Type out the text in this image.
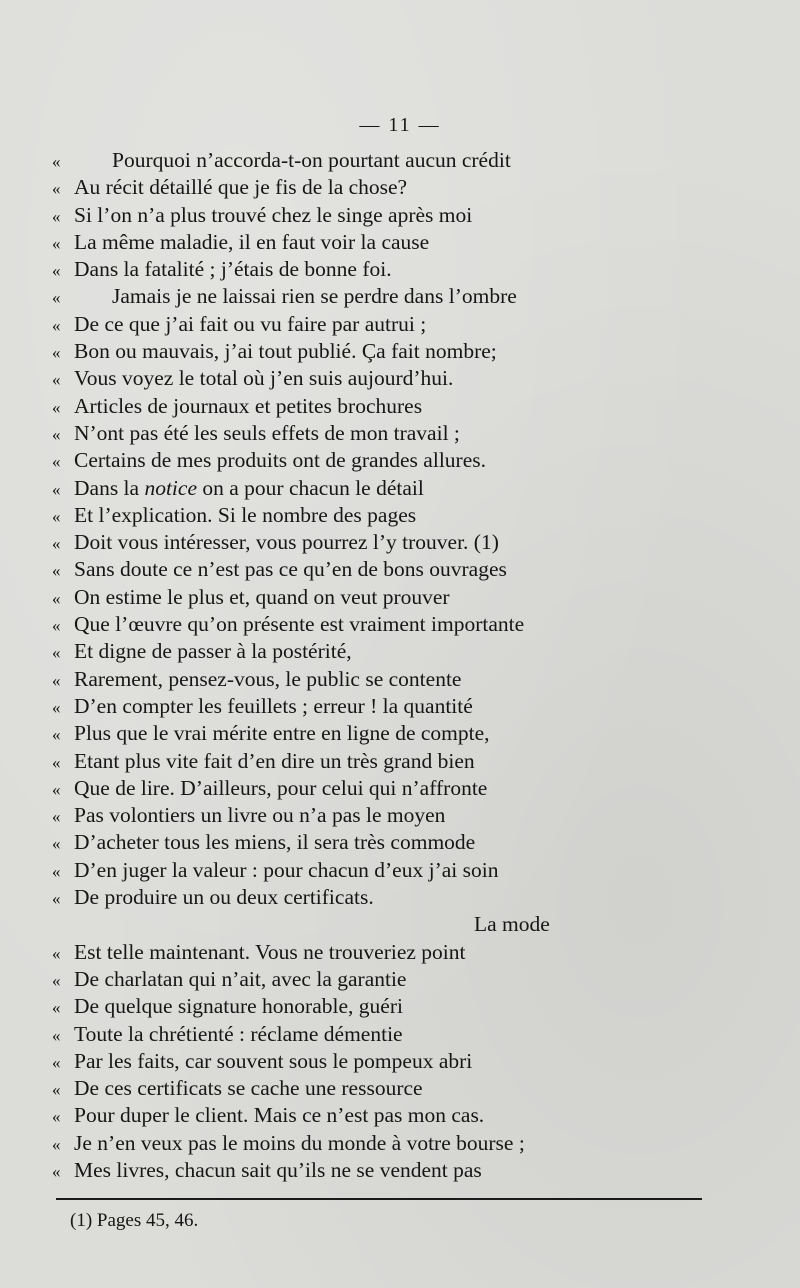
— 11 —
« Pourquoi n’accorda-t-on pourtant aucun crédit
« Au récit détaillé que je fis de la chose?
« Si l’on n’a plus trouvé chez le singe après moi
« La même maladie, il en faut voir la cause
« Dans la fatalité ; j’étais de bonne foi.
« Jamais je ne laissai rien se perdre dans l’ombre
« De ce que j’ai fait ou vu faire par autrui ;
« Bon ou mauvais, j’ai tout publié. Ça fait nombre;
« Vous voyez le total où j’en suis aujourd’hui.
« Articles de journaux et petites brochures
« N’ont pas été les seuls effets de mon travail ;
« Certains de mes produits ont de grandes allures.
« Dans la notice on a pour chacun le détail
« Et l’explication. Si le nombre des pages
« Doit vous intéresser, vous pourrez l’y trouver. (1)
« Sans doute ce n’est pas ce qu’en de bons ouvrages
« On estime le plus et, quand on veut prouver
« Que l’œuvre qu’on présente est vraiment importante
« Et digne de passer à la postérité,
« Rarement, pensez-vous, le public se contente
« D’en compter les feuillets ; erreur ! la quantité
« Plus que le vrai mérite entre en ligne de compte,
« Etant plus vite fait d’en dire un très grand bien
« Que de lire. D’ailleurs, pour celui qui n’affronte
« Pas volontiers un livre ou n’a pas le moyen
« D’acheter tous les miens, il sera très commode
« D’en juger la valeur : pour chacun d’eux j’ai soin
« De produire un ou deux certificats.
La mode
« Est telle maintenant. Vous ne trouveriez point
« De charlatan qui n’ait, avec la garantie
« De quelque signature honorable, guéri
« Toute la chrétienté : réclame démentie
« Par les faits, car souvent sous le pompeux abri
« De ces certificats se cache une ressource
« Pour duper le client. Mais ce n’est pas mon cas.
« Je n’en veux pas le moins du monde à votre bourse ;
« Mes livres, chacun sait qu’ils ne se vendent pas
(1) Pages 45, 46.
